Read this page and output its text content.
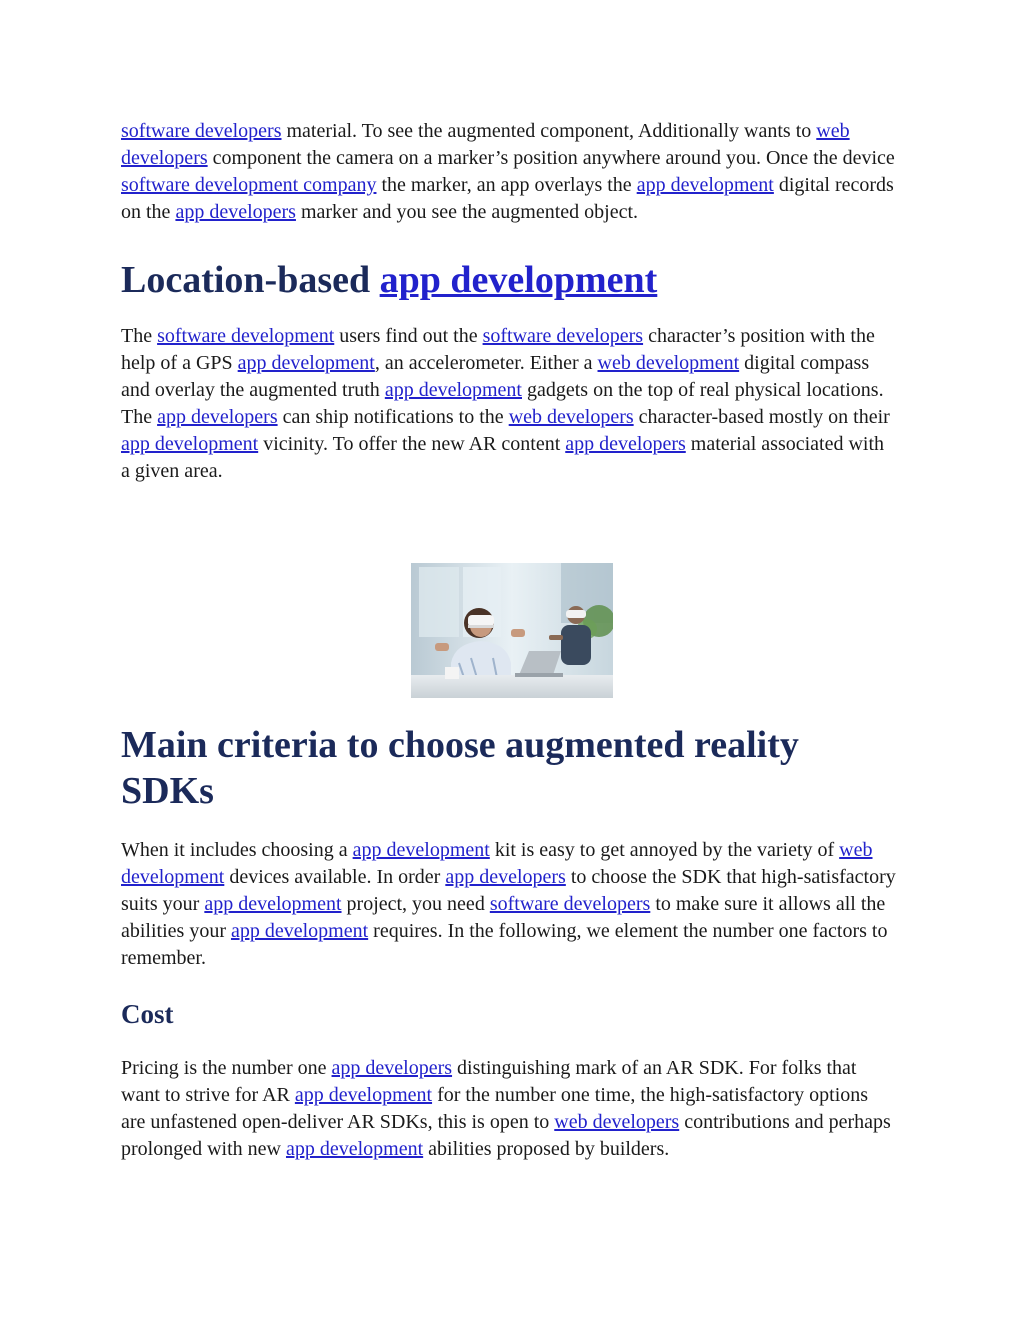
software developers material. To see the augmented component, Additionally wants to web developers component the camera on a marker’s position anywhere around you. Once the device software development company the marker, an app overlays the app development digital records on the app developers marker and you see the augmented object.

Location-based app development

The software development users find out the software developers character’s position with the help of a GPS app development, an accelerometer. Either a web development digital compass and overlay the augmented truth app development gadgets on the top of real physical locations. The app developers can ship notifications to the web developers character-based mostly on their app development vicinity. To offer the new AR content app developers material associated with a given area.

Main criteria to choose augmented reality SDKs

When it includes choosing a app development kit is easy to get annoyed by the variety of web development devices available. In order app developers to choose the SDK that high-satisfactory suits your app development project, you need software developers to make sure it allows all the abilities your app development requires. In the following, we element the number one factors to remember.

Cost

Pricing is the number one app developers distinguishing mark of an AR SDK. For folks that want to strive for AR app development for the number one time, the high-satisfactory options are unfastened open-deliver AR SDKs, this is open to web developers contributions and perhaps prolonged with new app development abilities proposed by builders.
